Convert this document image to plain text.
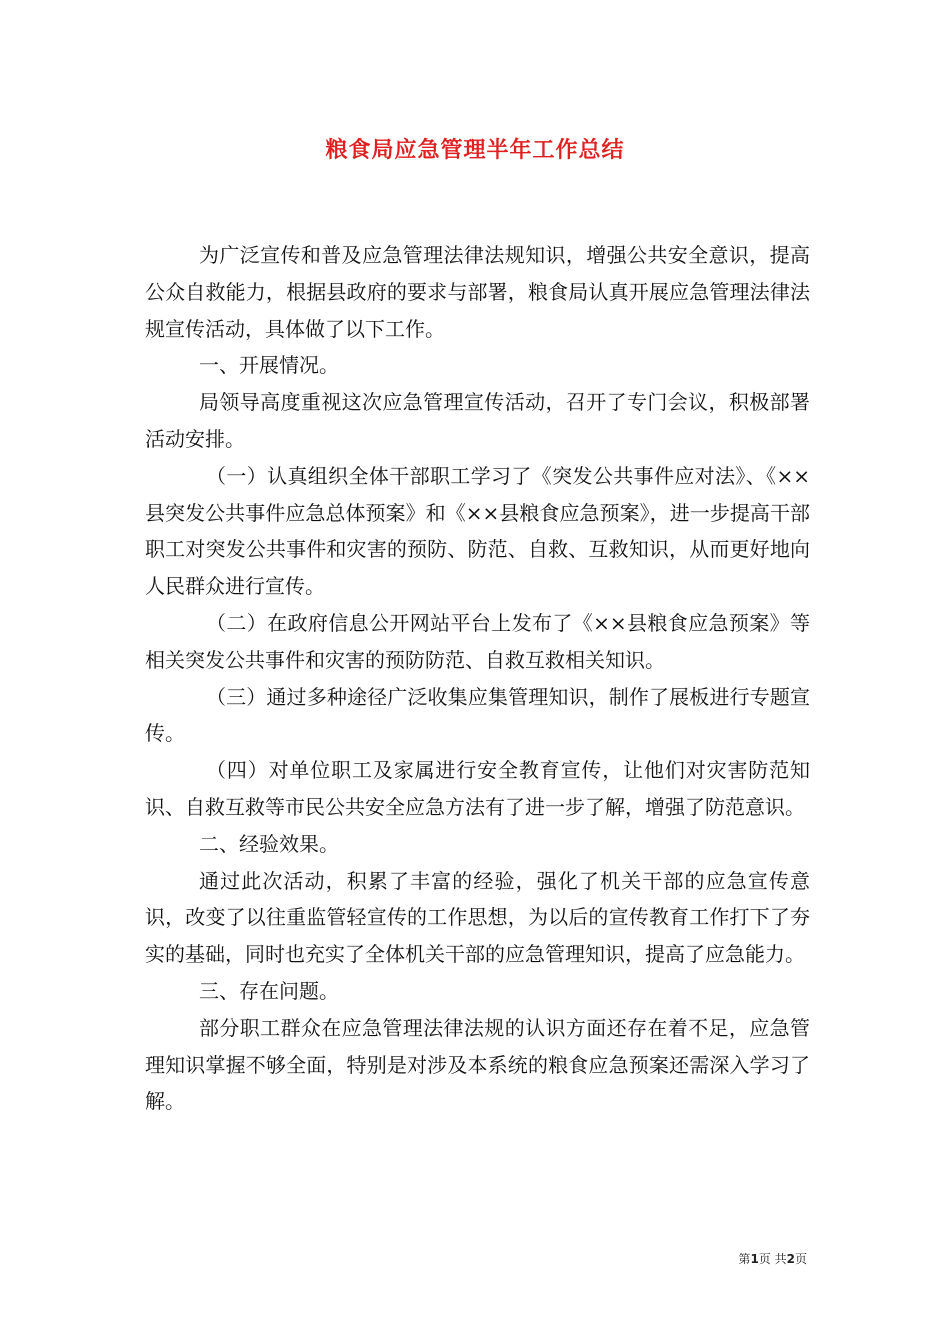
粮食局应急管理半年工作总结

为广泛宣传和普及应急管理法律法规知识，增强公共安全意识，提高公众自救能力，根据县政府的要求与部署，粮食局认真开展应急管理法律法规宣传活动，具体做了以下工作。

一、开展情况。

局领导高度重视这次应急管理宣传活动，召开了专门会议，积极部署活动安排。

（一）认真组织全体干部职工学习了《突发公共事件应对法》、《××县突发公共事件应急总体预案》和《××县粮食应急预案》，进一步提高干部职工对突发公共事件和灾害的预防、防范、自救、互救知识，从而更好地向人民群众进行宣传。

（二）在政府信息公开网站平台上发布了《××县粮食应急预案》等相关突发公共事件和灾害的预防防范、自救互救相关知识。

（三）通过多种途径广泛收集应集管理知识，制作了展板进行专题宣传。

（四）对单位职工及家属进行安全教育宣传，让他们对灾害防范知识、自救互救等市民公共安全应急方法有了进一步了解，增强了防范意识。

二、经验效果。

通过此次活动，积累了丰富的经验，强化了机关干部的应急宣传意识，改变了以往重监管轻宣传的工作思想，为以后的宣传教育工作打下了夯实的基础，同时也充实了全体机关干部的应急管理知识，提高了应急能力。

三、存在问题。

部分职工群众在应急管理法律法规的认识方面还存在着不足，应急管理知识掌握不够全面，特别是对涉及本系统的粮食应急预案还需深入学习了解。

第1页 共2页
